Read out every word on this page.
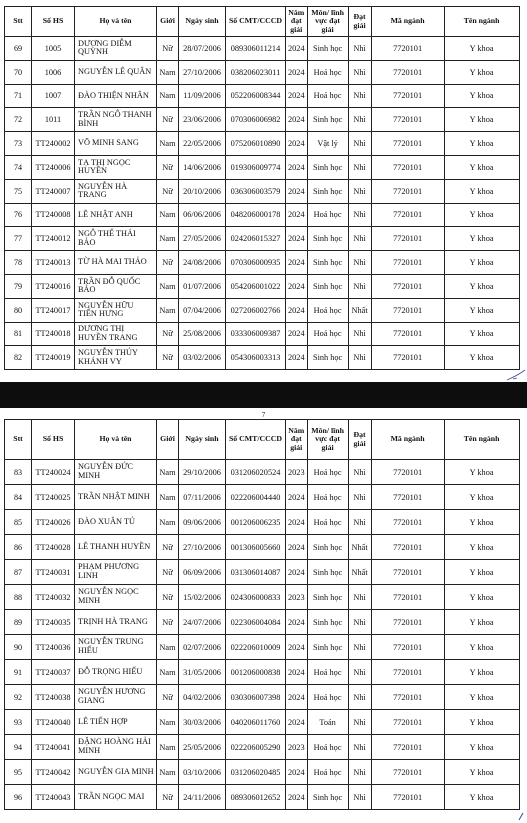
Stt	Số HS	Họ và tên	Giới	Ngày sinh	Số CMT/CCCD	Năm đạt giải	Môn/ lĩnh vực đạt giải	Đạt giải	Mã ngành	Tên ngành
69	1005	DƯƠNG DIỄM QUỲNH	Nữ	28/07/2006	089306011214	2024	Sinh học	Nhì	7720101	Y khoa
70	1006	NGUYỄN LÊ QUÂN	Nam	27/10/2006	038206023011	2024	Hoá học	Nhì	7720101	Y khoa
71	1007	ĐÀO THIỆN NHÂN	Nam	11/09/2006	052206008344	2024	Hoá học	Nhì	7720101	Y khoa
72	1011	TRẦN NGÔ THANH BÌNH	Nữ	23/06/2006	070306006982	2024	Sinh học	Nhì	7720101	Y khoa
73	TT240002	VÕ MINH SANG	Nam	22/05/2006	075206010890	2024	Vật lý	Nhì	7720101	Y khoa
74	TT240006	TẠ THỊ NGỌC HUYỀN	Nữ	14/06/2006	019306009774	2024	Sinh học	Nhì	7720101	Y khoa
75	TT240007	NGUYỄN HÀ TRANG	Nữ	20/10/2006	036306003579	2024	Sinh học	Nhì	7720101	Y khoa
76	TT240008	LÊ NHẬT ANH	Nam	06/06/2006	048206000178	2024	Hoá học	Nhì	7720101	Y khoa
77	TT240012	NGÔ THẾ THÁI BẢO	Nam	27/05/2006	024206015327	2024	Sinh học	Nhì	7720101	Y khoa
78	TT240013	TỪ HÀ MAI THẢO	Nữ	24/08/2006	070306000935	2024	Sinh học	Nhì	7720101	Y khoa
79	TT240016	TRẦN ĐỖ QUỐC BẢO	Nam	01/07/2006	054206001022	2024	Sinh học	Nhì	7720101	Y khoa
80	TT240017	NGUYỄN HỮU TIẾN HƯNG	Nam	07/04/2006	027206002766	2024	Hoá học	Nhất	7720101	Y khoa
81	TT240018	DƯƠNG THỊ HUYỀN TRANG	Nữ	25/08/2006	033306009387	2024	Hoá học	Nhì	7720101	Y khoa
82	TT240019	NGUYỄN THÚY KHÁNH VY	Nữ	03/02/2006	054306003313	2024	Sinh học	Nhì	7720101	Y khoa
7
Stt	Số HS	Họ và tên	Giới	Ngày sinh	Số CMT/CCCD	Năm đạt giải	Môn/ lĩnh vực đạt giải	Đạt giải	Mã ngành	Tên ngành
83	TT240024	NGUYỄN ĐỨC MINH	Nam	29/10/2006	031206020524	2023	Hoá học	Nhì	7720101	Y khoa
84	TT240025	TRẦN NHẬT MINH	Nam	07/11/2006	022206004440	2024	Hoá học	Nhì	7720101	Y khoa
85	TT240026	ĐÀO XUÂN TÚ	Nam	09/06/2006	001206006235	2024	Hoá học	Nhì	7720101	Y khoa
86	TT240028	LÊ THANH HUYỀN	Nữ	27/10/2006	001306005660	2024	Sinh học	Nhất	7720101	Y khoa
87	TT240031	PHẠM PHƯƠNG LINH	Nữ	06/09/2006	031306014087	2024	Sinh học	Nhất	7720101	Y khoa
88	TT240032	NGUYỄN NGỌC MINH	Nữ	15/02/2006	024306000833	2023	Sinh học	Nhì	7720101	Y khoa
89	TT240035	TRỊNH HÀ TRANG	Nữ	24/07/2006	022306004084	2024	Sinh học	Nhì	7720101	Y khoa
90	TT240036	NGUYỄN TRUNG HIẾU	Nam	02/07/2006	022206010009	2024	Sinh học	Nhì	7720101	Y khoa
91	TT240037	ĐỖ TRỌNG HIẾU	Nam	31/05/2006	001206000838	2024	Hoá học	Nhì	7720101	Y khoa
92	TT240038	NGUYỄN HƯƠNG GIANG	Nữ	04/02/2006	030306007398	2024	Hoá học	Nhì	7720101	Y khoa
93	TT240040	LÊ TIẾN HỢP	Nam	30/03/2006	040206011760	2024	Toán	Nhì	7720101	Y khoa
94	TT240041	ĐẶNG HOÀNG HẢI MINH	Nam	25/05/2006	022206005290	2023	Hoá học	Nhì	7720101	Y khoa
95	TT240042	NGUYỄN GIA MINH	Nam	03/10/2006	031206020485	2024	Hoá học	Nhì	7720101	Y khoa
96	TT240043	TRẦN NGỌC MAI	Nữ	24/11/2006	089306012652	2024	Sinh học	Nhì	7720101	Y khoa
